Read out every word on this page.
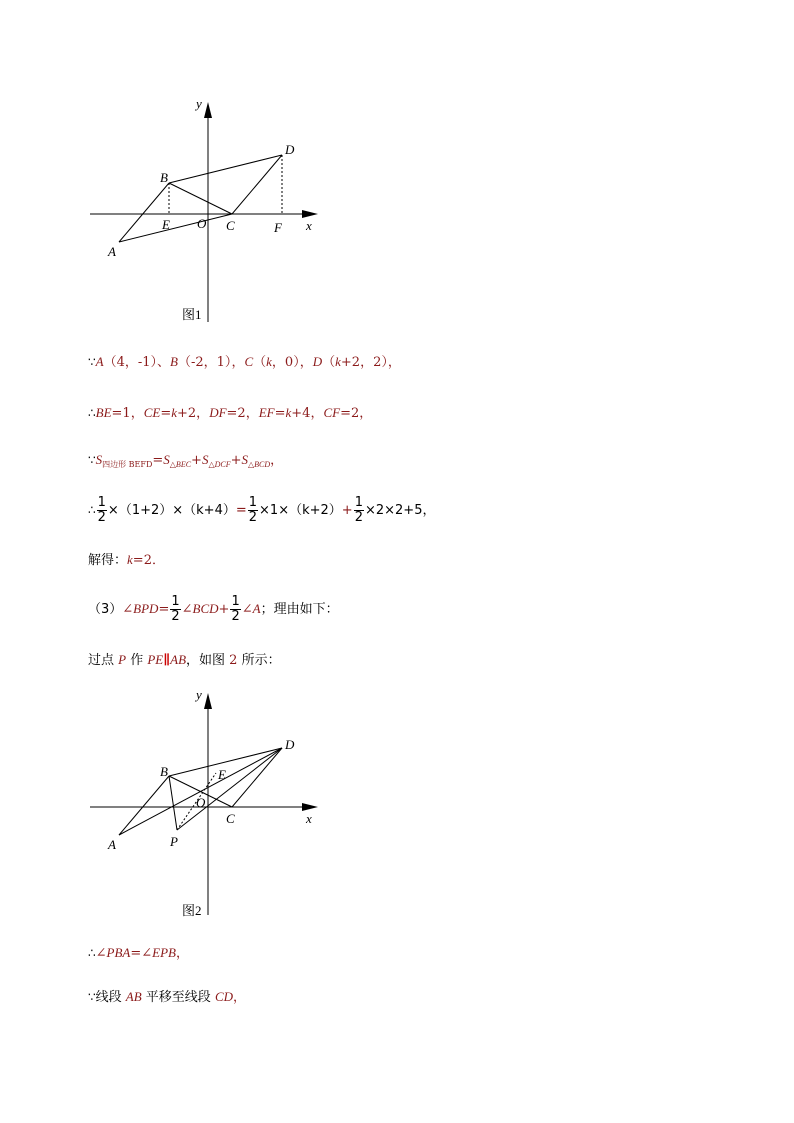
y
x
A
B
C
D
E	F
O
图1
∵A（4，-1）、B（-2，1），C（k，0），D（k+2，2），
∴BE=1，CE=k+2，DF=2，EF=k+4，CF=2，
$\because S_{四边形 BEFD}=S_{\triangle BEC}+S_{\triangle DCF}+S_{\triangle BCD}$，
∴ $\frac{1}{2} \times(1+2)\times(k+4)= \frac{1}{2} \times 1\times(k+2)+ \frac{1}{2} \times 2\times 2+5$，
解得：k=2．
（3）∠BPD= $\frac{1}{2}$ ∠BCD+ $\frac{1}{2}$ ∠A；理由如下：
过点 P 作 PE∥AB，如图 2 所示：
y
x
A
B
C
D
E
P
O
图2
∴∠PBA=∠EPB，
∵线段 AB 平移至线段 CD，
